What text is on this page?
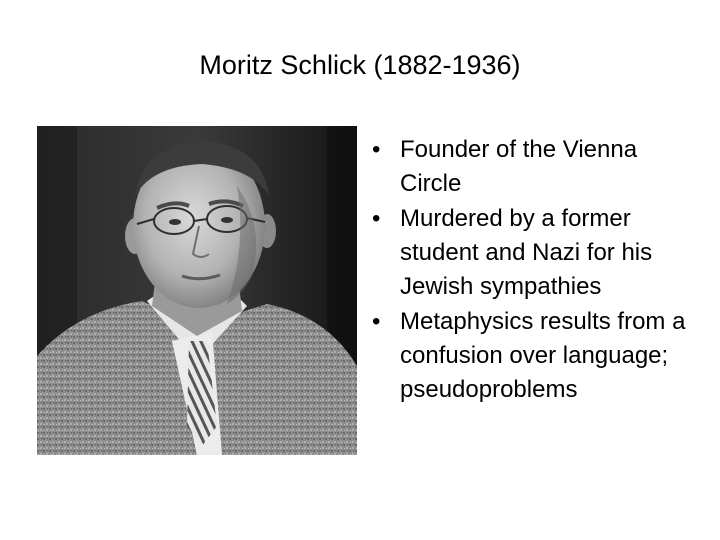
Moritz Schlick (1882-1936)
• Founder of the Vienna Circle
• Murdered by a former student and Nazi for his Jewish sympathies
• Metaphysics results from a confusion over language; pseudoproblems
